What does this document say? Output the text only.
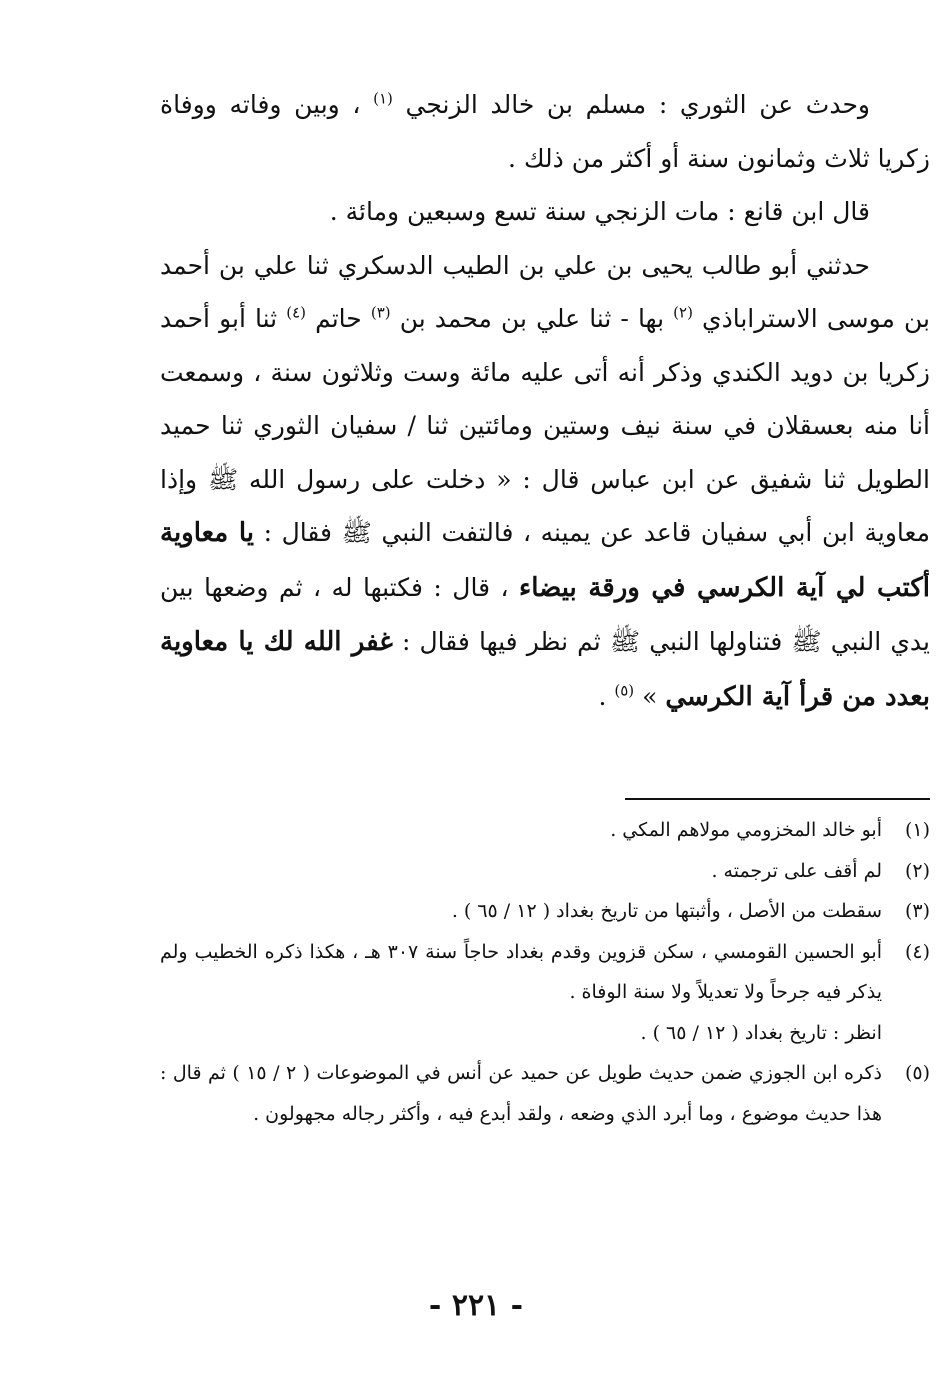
وحدث عن الثوري : مسلم بن خالد الزنجي $^{(١)}$ ، وبين وفاته ووفاة زكريا ثلاث وثمانون سنة أو أكثر من ذلك .

قال ابن قانع : مات الزنجي سنة تسع وسبعين ومائة .

حدثني أبو طالب يحيى بن علي بن الطيب الدسكري ثنا علي بن أحمد بن موسى الاستراباذي $^{(٢)}$ بها - ثنا علي بن محمد بن $^{(٣)}$ حاتم $^{(٤)}$ ثنا أبو أحمد زكريا بن دويد الكندي وذكر أنه أتى عليه مائة وست وثلاثون سنة ، وسمعت أنا منه بعسقلان في سنة نيف وستين ومائتين ثنا / سفيان الثوري ثنا حميد الطويل ثنا شفيق عن ابن عباس قال : « دخلت على رسول الله ﷺ وإذا معاوية ابن أبي سفيان قاعد عن يمينه ، فالتفت النبي ﷺ فقال : يا معاوية أكتب لي آية الكرسي في ورقة بيضاء ، قال : فكتبها له ، ثم وضعها بين يدي النبي ﷺ فتناولها النبي ﷺ ثم نظر فيها فقال : غفر الله لك يا معاوية بعدد من قرأ آية الكرسي » $^{(٥)}$ .

(١)
أبو خالد المخزومي مولاهم المكي .
(٢)
لم أقف على ترجمته .
(٣)
سقطت من الأصل ، وأثبتها من تاريخ بغداد ( ١٢ / ٦٥ ) .
(٤)
أبو الحسين القومسي ، سكن قزوين وقدم بغداد حاجاً سنة ٣٠٧ هـ ، هكذا ذكره الخطيب ولم يذكر فيه جرحاً ولا تعديلاً ولا سنة الوفاة .
انظر : تاريخ بغداد ( ١٢ / ٦٥ ) .
(٥)
ذكره ابن الجوزي ضمن حديث طويل عن حميد عن أنس في الموضوعات ( ٢ / ١٥ ) ثم قال : هذا حديث موضوع ، وما أبرد الذي وضعه ، ولقد أبدع فيه ، وأكثر رجاله مجهولون .
- ٢٢١ -
